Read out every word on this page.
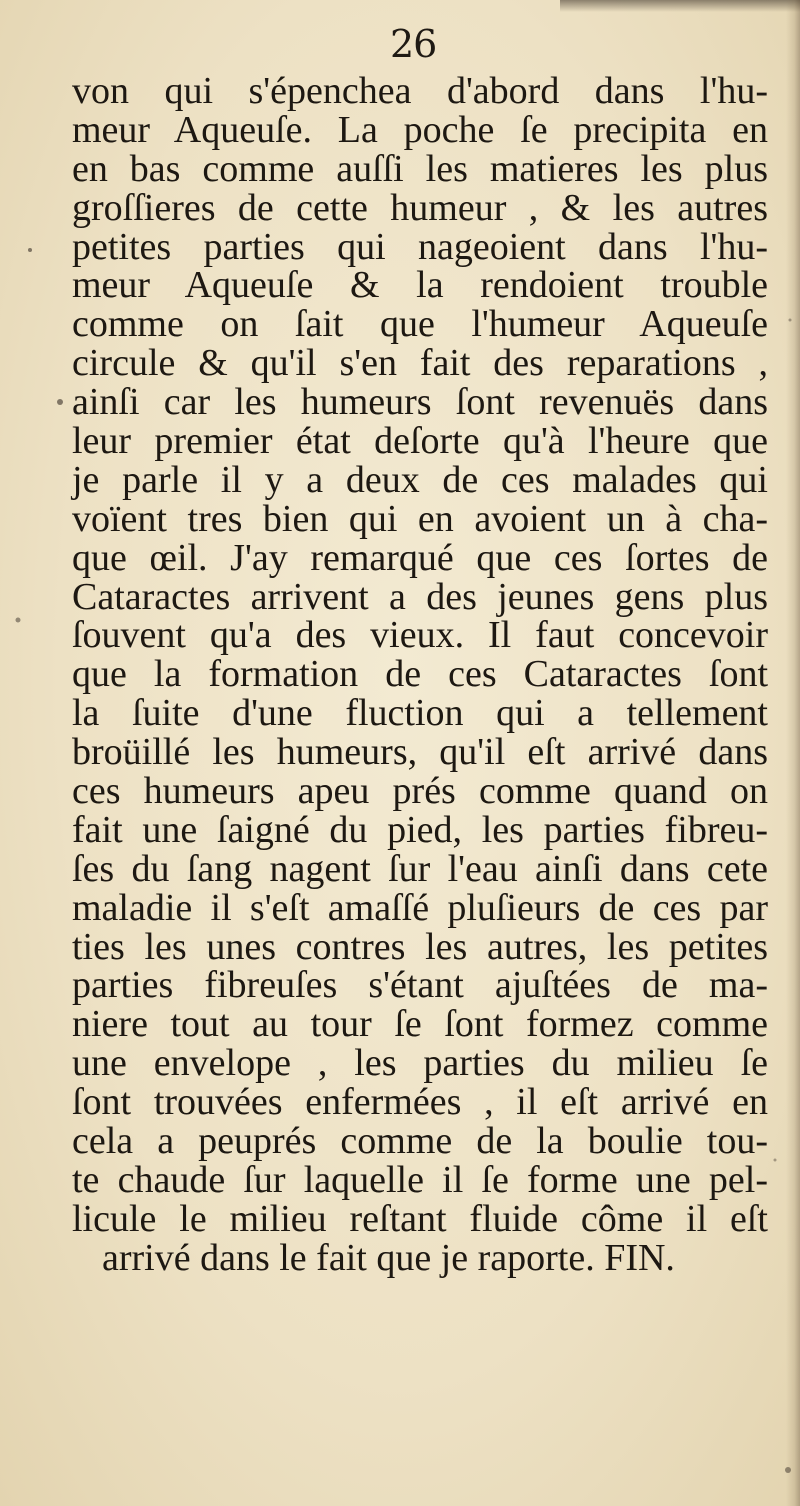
26
von qui s'épenchea d'abord dans l'hu-
meur Aqueuſe. La poche ſe precipita en
en bas comme auſſi les matieres les plus
groſſieres de cette humeur , & les autres
petites parties qui nageoient dans l'hu-
meur Aqueuſe & la rendoient trouble
comme on ſait que l'humeur Aqueuſe
circule & qu'il s'en fait des reparations ,
ainſi car les humeurs ſont revenuës dans
leur premier état deſorte qu'à l'heure que
je parle il y a deux de ces malades qui
voïent tres bien qui en avoient un à cha-
que œil. J'ay remarqué que ces ſortes de
Cataractes arrivent a des jeunes gens plus
ſouvent qu'a des vieux. Il faut concevoir
que la formation de ces Cataractes ſont
la ſuite d'une fluction qui a tellement
broüillé les humeurs, qu'il eſt arrivé dans
ces humeurs apeu prés comme quand on
fait une ſaigné du pied, les parties fibreu-
ſes du ſang nagent ſur l'eau ainſi dans cete
maladie il s'eſt amaſſé pluſieurs de ces par
ties les unes contres les autres, les petites
parties fibreuſes s'étant ajuſtées de ma-
niere tout au tour ſe ſont formez comme
une envelope , les parties du milieu ſe
ſont trouvées enfermées , il eſt arrivé en
cela a peuprés comme de la boulie tou-
te chaude ſur laquelle il ſe forme une pel-
licule le milieu reſtant fluide côme il eſt
arrivé dans le fait que je raporte. FIN.
